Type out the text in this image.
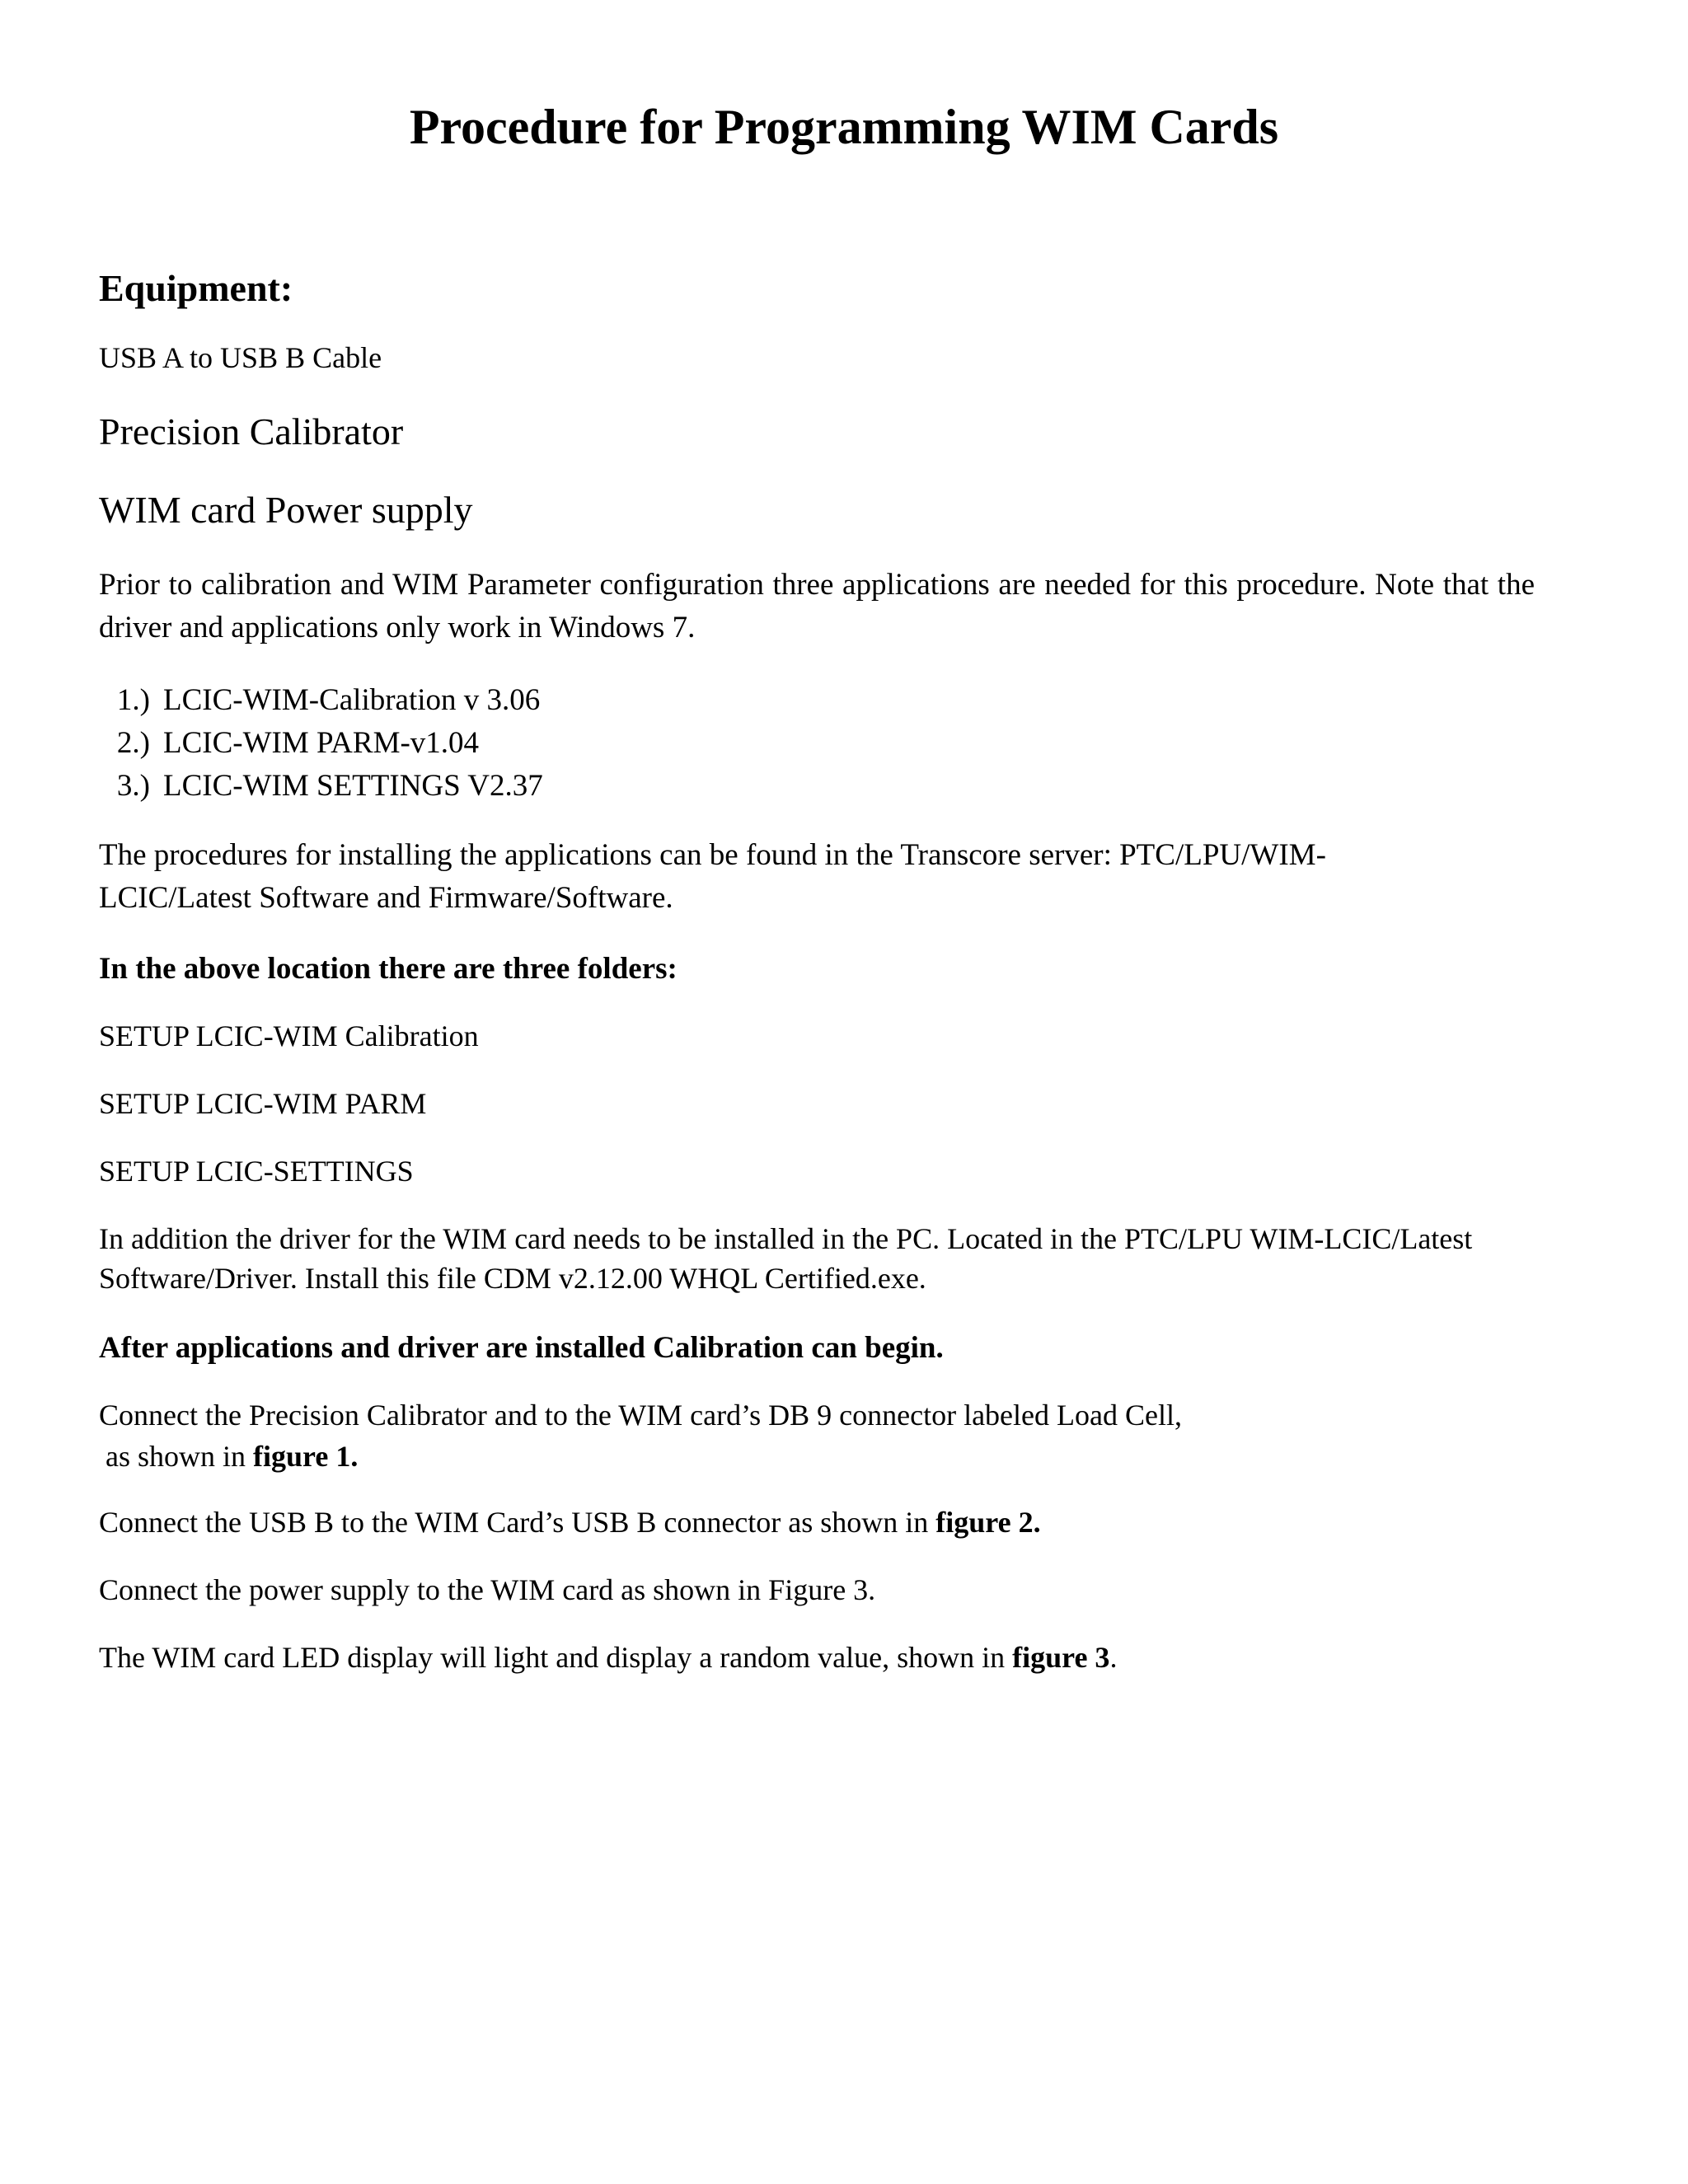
Procedure for Programming WIM Cards
Equipment:

USB A to USB B Cable

Precision Calibrator

WIM card Power supply

Prior to calibration and WIM Parameter configuration three applications are needed for this procedure. Note that the driver and applications only work in Windows 7.
1.) LCIC-WIM-Calibration v 3.06
2.) LCIC-WIM PARM-v1.04
3.) LCIC-WIM SETTINGS V2.37

The procedures for installing the applications can be found in the Transcore server: PTC/LPU/WIM-

LCIC/Latest Software and Firmware/Software.

In the above location there are three folders:

SETUP LCIC-WIM Calibration

SETUP LCIC-WIM PARM

SETUP LCIC-SETTINGS

In addition the driver for the WIM card needs to be installed in the PC. Located in the PTC/LPU WIM-LCIC/Latest

Software/Driver. Install this file CDM v2.12.00 WHQL Certified.exe.

After applications and driver are installed Calibration can begin.

Connect the Precision Calibrator and to the WIM card’s DB 9 connector labeled Load Cell,

as shown in figure 1.

Connect the USB B to the WIM Card’s USB B connector as shown in figure 2.

Connect the power supply to the WIM card as shown in Figure 3.

The WIM card LED display will light and display a random value, shown in figure 3.
